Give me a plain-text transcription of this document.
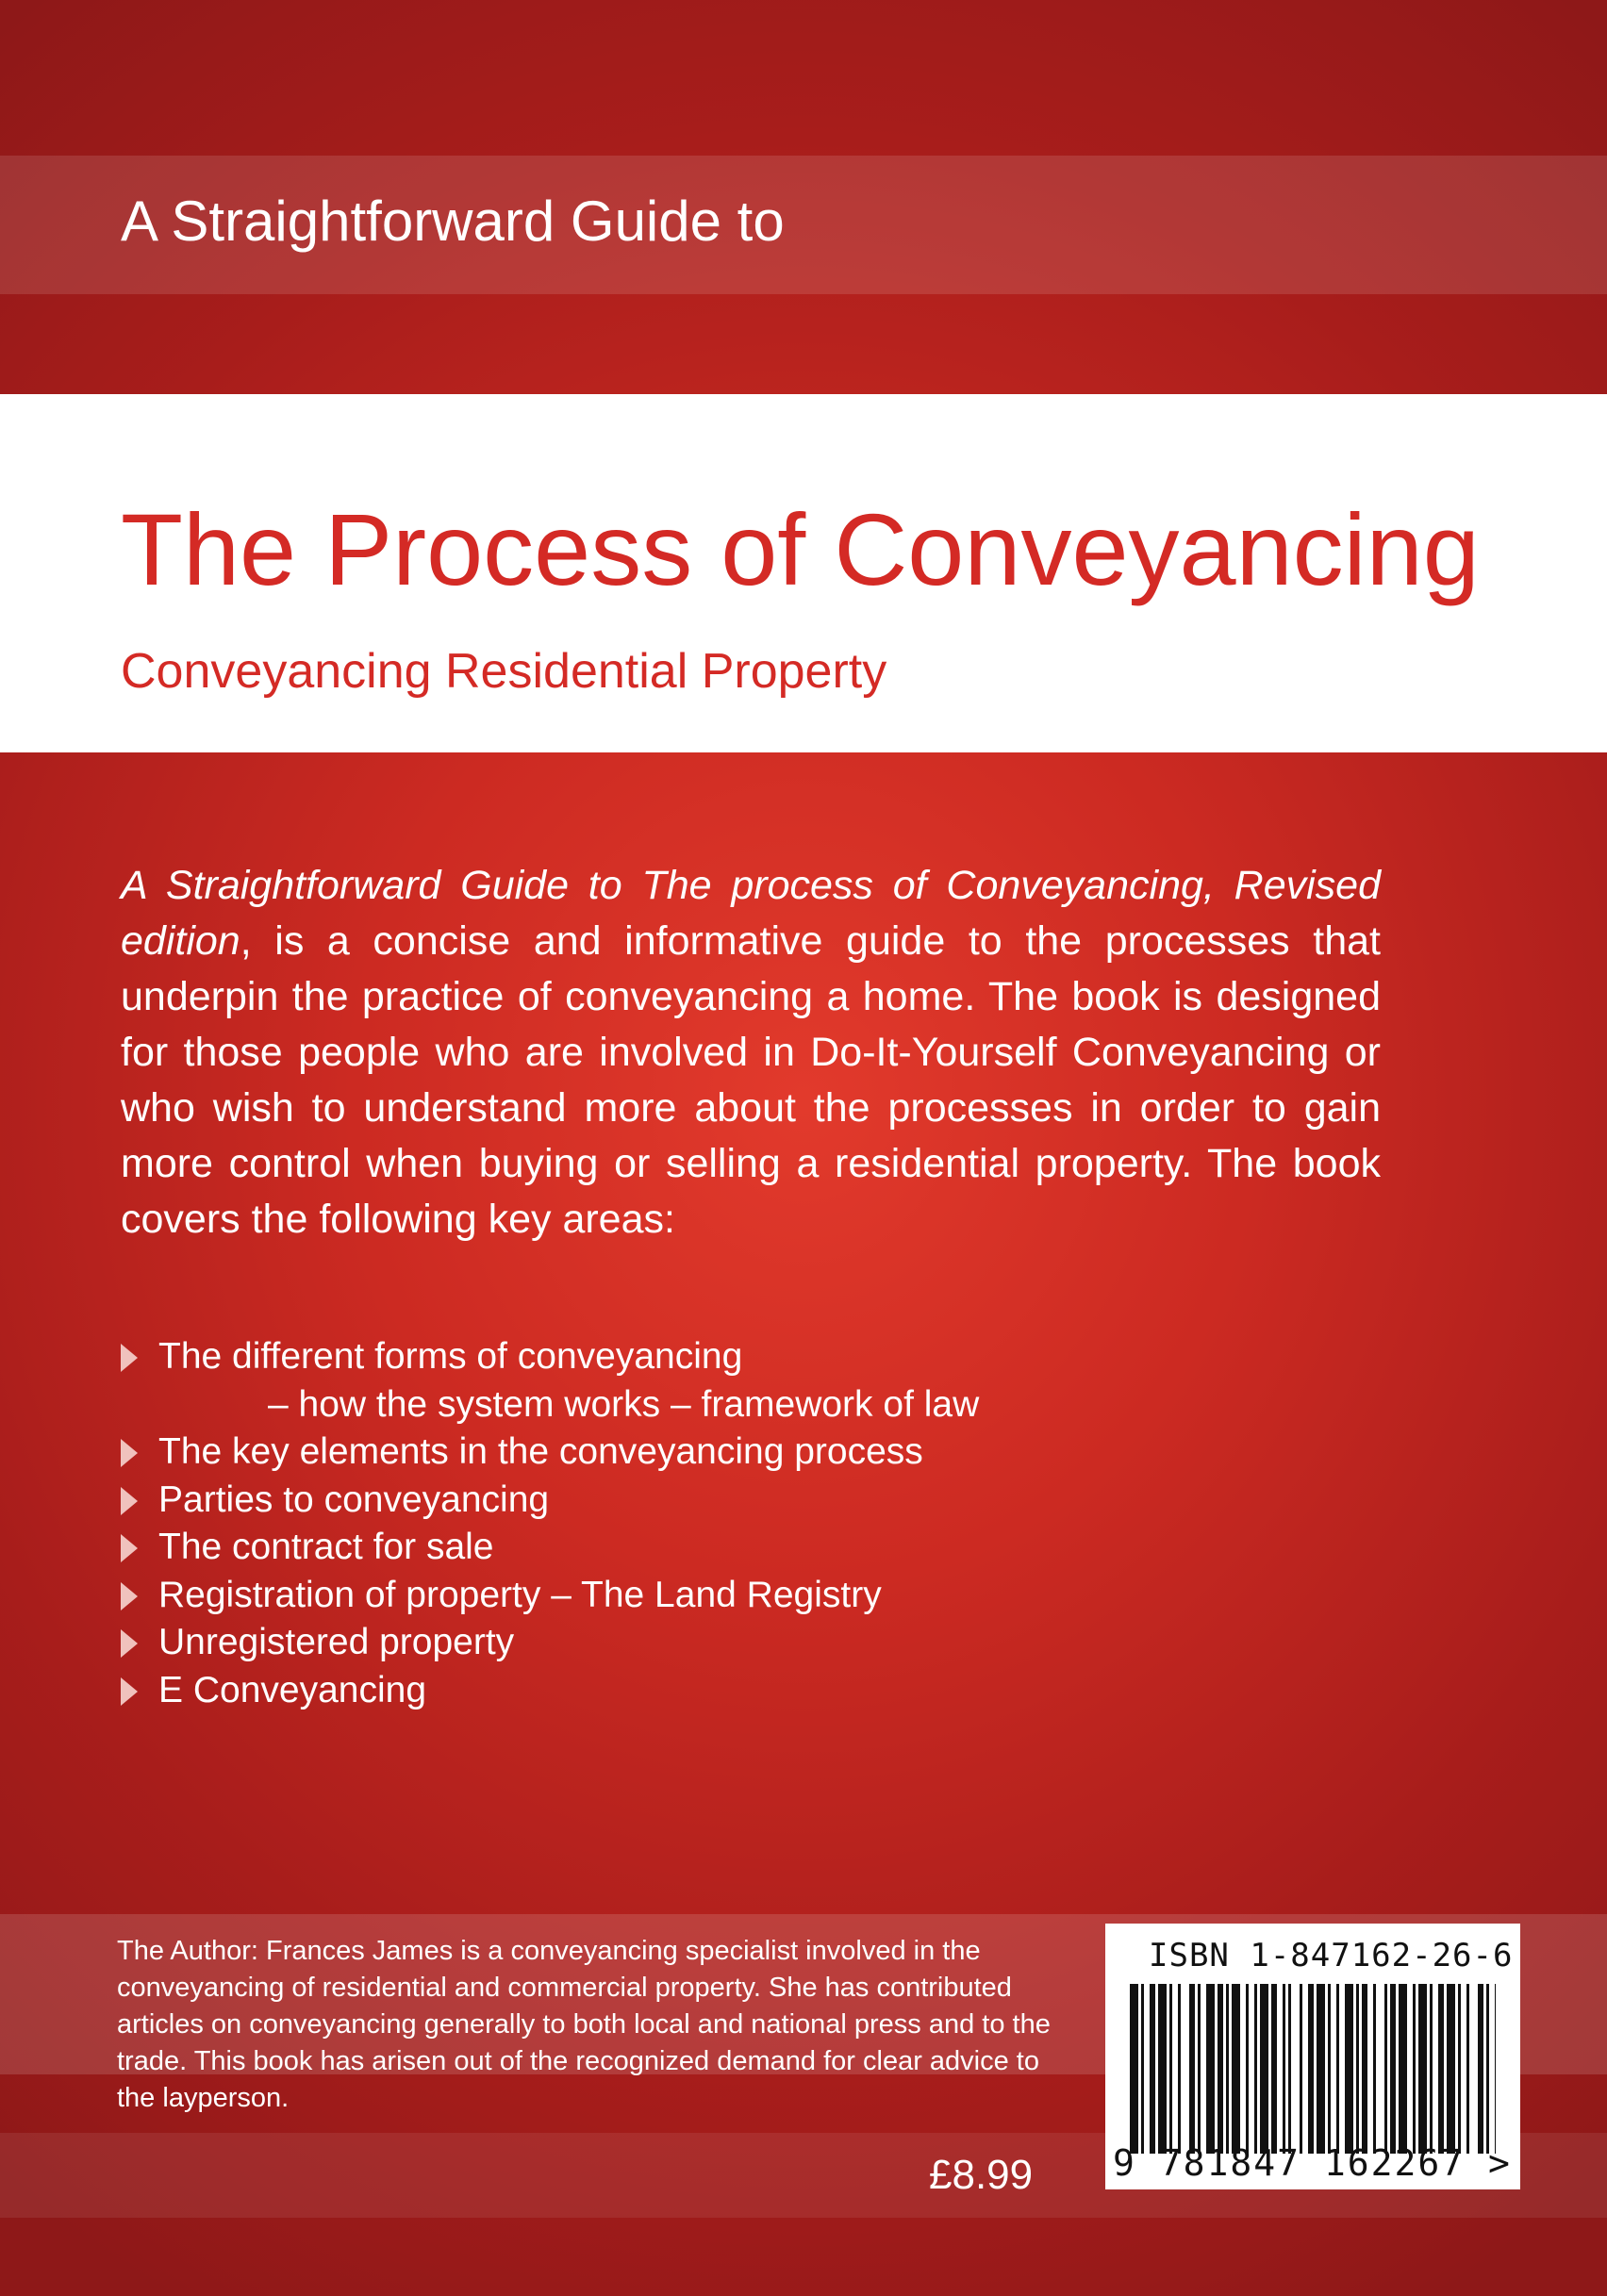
A Straightforward Guide to
The Process of Conveyancing
Conveyancing Residential Property
A Straightforward Guide to The process of Conveyancing, Revised edition, is a concise and informative guide to the processes that underpin the practice of conveyancing a home. The book is designed for those people who are involved in Do-It-Yourself Conveyancing or who wish to understand more about the processes in order to gain more control when buying or selling a residential property. The book covers the following key areas:
The different forms of conveyancing
– how the system works – framework of law
The key elements in the conveyancing process
Parties to conveyancing
The contract for sale
Registration of property – The Land Registry
Unregistered property
E Conveyancing
The Author: Frances James is a conveyancing specialist involved in the conveyancing of residential and commercial property. She has contributed articles on conveyancing generally to both local and national press and to the trade. This book has arisen out of the recognized demand for clear advice to the layperson.
£8.99
ISBN 1-847162-26-6
9 781847 162267 >
